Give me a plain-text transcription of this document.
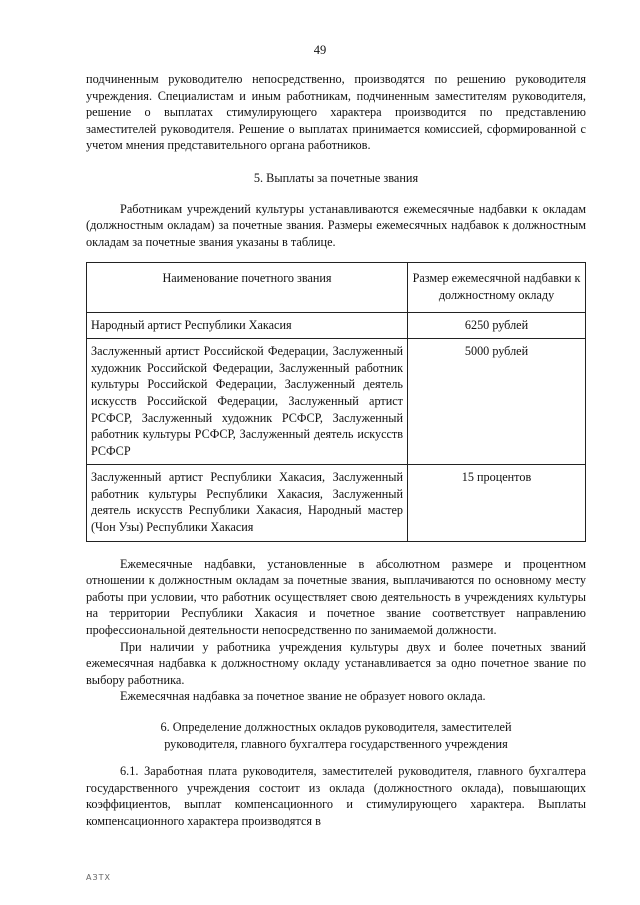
49

подчиненным руководителю непосредственно, производятся по решению руководителя учреждения. Специалистам и иным работникам, подчиненным заместителям руководителя, решение о выплатах стимулирующего характера производится по представлению заместителей руководителя. Решение о выплатах принимается комиссией, сформированной с учетом мнения представительного органа работников.

5. Выплаты за почетные звания

Работникам учреждений культуры устанавливаются ежемесячные надбавки к окладам (должностным окладам) за почетные звания. Размеры ежемесячных надбавок к должностным окладам за почетные звания указаны в таблице.

Наименование почетного звания	Размер ежемесячной надбавки к должностному окладу
Народный артист Республики Хакасия	6250 рублей
Заслуженный артист Российской Федерации, Заслуженный художник Российской Федерации, Заслуженный работник культуры Российской Федерации, Заслуженный деятель искусств Российской Федерации, Заслуженный артист РСФСР, Заслуженный художник РСФСР, Заслуженный работник культуры РСФСР, Заслуженный деятель искусств РСФСР	5000 рублей
Заслуженный артист Республики Хакасия, Заслуженный работник культуры Республики Хакасия, Заслуженный деятель искусств Республики Хакасия, Народный мастер (Чон Узы) Республики Хакасия	15 процентов

Ежемесячные надбавки, установленные в абсолютном размере и процентном отношении к должностным окладам за почетные звания, выплачиваются по основному месту работы при условии, что работник осуществляет свою деятельность в учреждениях культуры на территории Республики Хакасия и почетное звание соответствует направлению профессиональной деятельности непосредственно по занимаемой должности.

При наличии у работника учреждения культуры двух и более почетных званий ежемесячная надбавка к должностному окладу устанавливается за одно почетное звание по выбору работника.

Ежемесячная надбавка за почетное звание не образует нового оклада.

6. Определение должностных окладов руководителя, заместителей
руководителя, главного бухгалтера государственного учреждения

6.1. Заработная плата руководителя, заместителей руководителя, главного бухгалтера государственного учреждения состоит из оклада (должностного оклада), повышающих коэффициентов, выплат компенсационного и стимулирующего характера. Выплаты компенсационного характера производятся в

АЗТХ
